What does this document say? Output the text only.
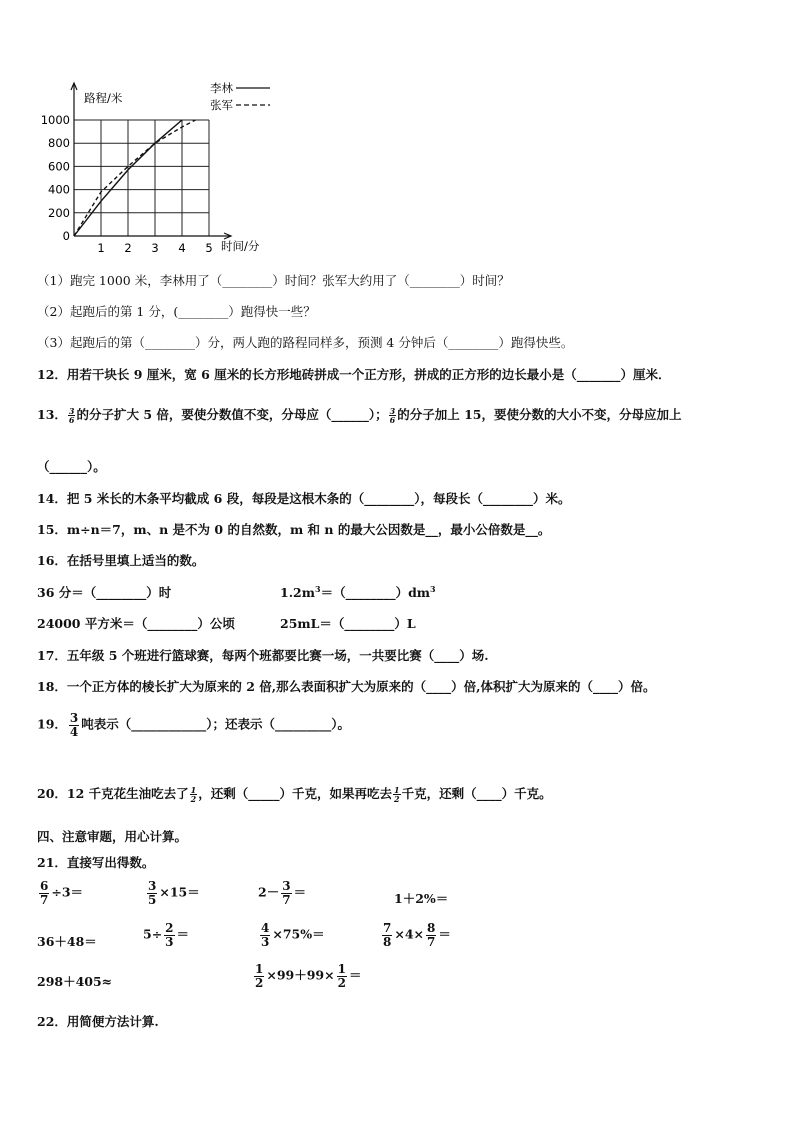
0
200
400
600
800
1000
1 2 3 4 5
路程/米
时间/分
李林
张军
（1）跑完 1000 米，李林用了（________）时间？张军大约用了（________）时间？
（2）起跑后的第 1 分，(________）跑得快一些？
（3）起跑后的第（________）分，两人跑的路程同样多，预测 4 分钟后（________）跑得快些。
12．用若干块长 9 厘米，宽 6 厘米的长方形地砖拼成一个正方形，拼成的正方形的边长最小是（_______）厘米．
13． $\frac{3}{6}$ 的分子扩大 5 倍，要使分数值不变，分母应（______）； $\frac{3}{6}$ 的分子加上 15，要使分数的大小不变，分母应加上
（______）。
14．把 5 米长的木条平均截成 6 段，每段是这根木条的（________），每段长（________）米。
15．m÷n＝7，m、n 是不为 0 的自然数，m 和 n 的最大公因数是__，最小公倍数是__。
16．在括号里填上适当的数。
36 分＝（________）时	$1.2m^3=(\_\_\_\_\_\_\_\_)dm^3$
24000 平方米＝（________）公顷	25mL＝（________）L
17．五年级 5 个班进行篮球赛，每两个班都要比赛一场，一共要比赛（____）场.
18．一个正方体的棱长扩大为原来的 2 倍,那么表面积扩大为原来的（____）倍,体积扩大为原来的（____）倍。
19． $\frac{3}{4}$ 吨表示（____________）；还表示（_________）。
20．12 千克花生油吃去了 $\frac{1}{2}$ ，还剩（_____）千克，如果再吃去 $\frac{1}{2}$ 千克，还剩（____）千克。
四、注意审题，用心计算。
21．直接写出得数。
$\frac{6}{7} \div 3=$	$\frac{3}{5} \times 15=$	$2- \frac{3}{7}$ ＝	1＋2%＝
36＋48＝	$5\div \frac{2}{3}$ ＝	$\frac{4}{3} \times 75\%=$	$\frac{7}{8} \times 4\times \frac{8}{7}$ ＝
298＋405≈	$\frac{1}{2} \times 99+99\times \frac{1}{2}$ ＝
22．用简便方法计算.
